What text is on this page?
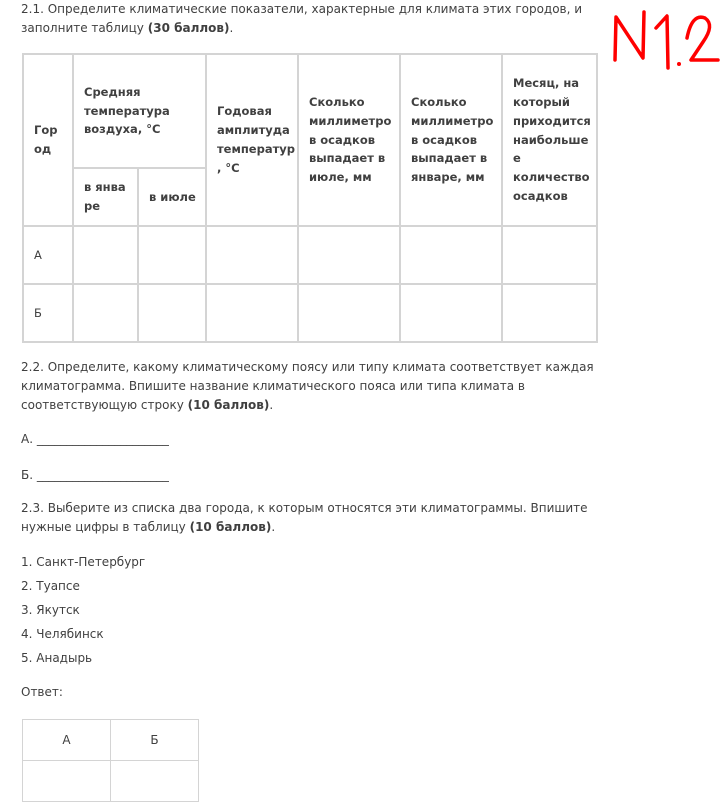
2.1. Определите климатические показатели, характерные для климата этих городов, и заполните таблицу (30 баллов).

Гор од	Средняя температура воздуха, °C		Годовая амплитуда температур , °C	Сколько миллиметро в осадков выпадает в июле, мм	Сколько миллиметро в осадков выпадает в январе, мм	Месяц, на который приходится наибольше е количество осадков
	в янва ре	в июле				
А						
Б						

2.2. Определите, какому климатическому поясу или типу климата соответствует каждая климатограмма. Впишите название климатического пояса или типа климата в соответствующую строку (10 баллов).

А. ______________________
Б. ______________________

2.3. Выберите из списка два города, к которым относятся эти климатограммы. Впишите нужные цифры в таблицу (10 баллов).

1. Санкт-Петербург
2. Туапсе
3. Якутск
4. Челябинск
5. Анадырь
Ответ:
А	Б
